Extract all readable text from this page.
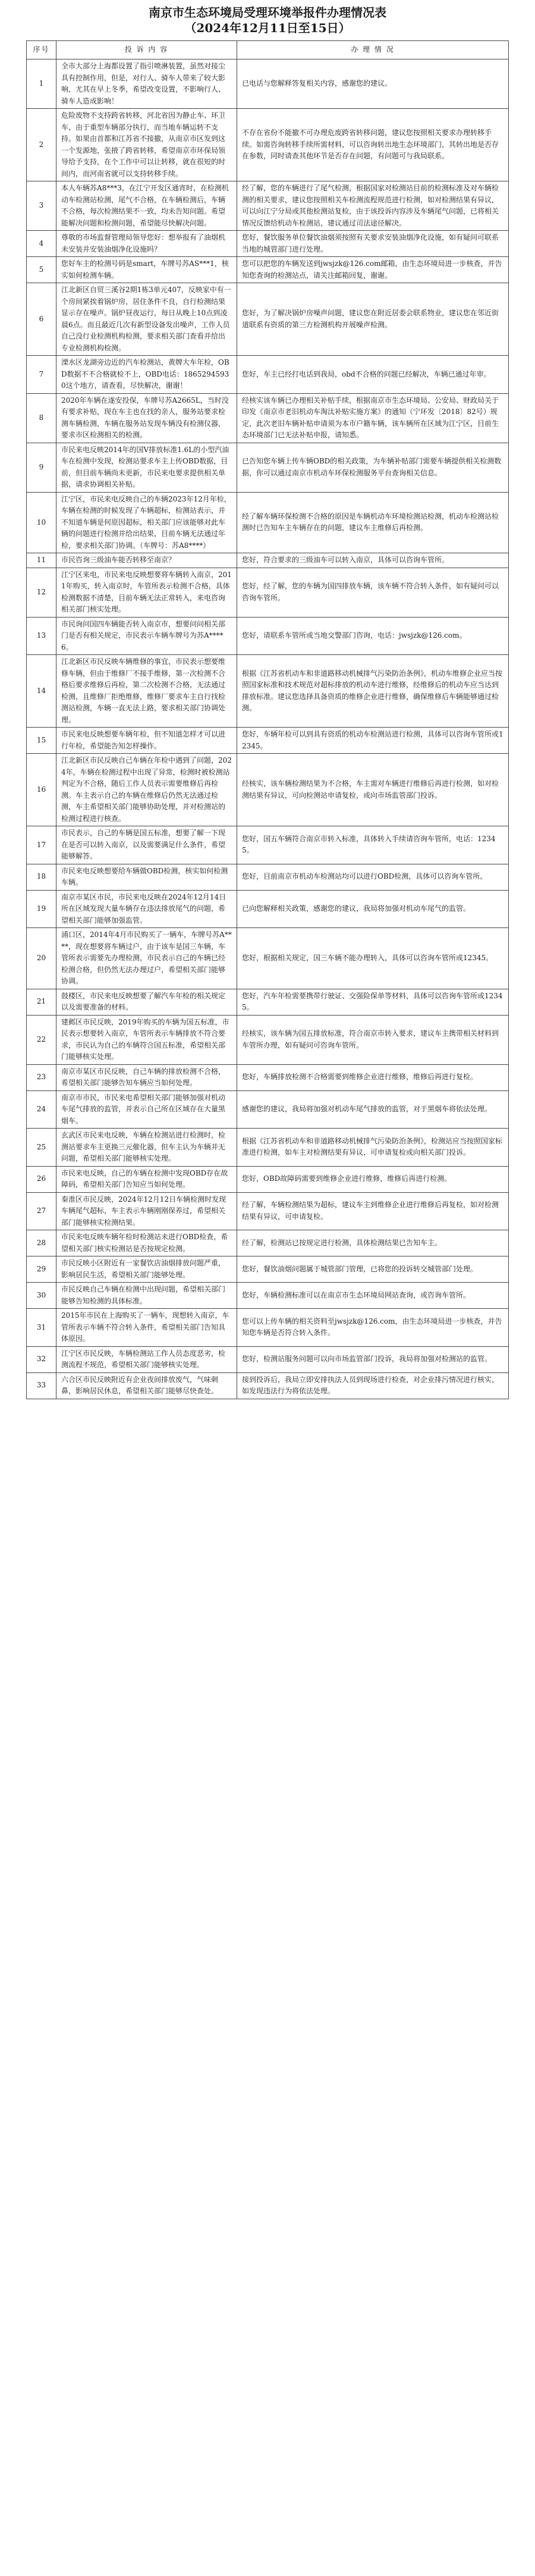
南京市生态环境局受理环境举报件办理情况表
（2024年12月11日至15日）
序号	投 诉 内 容	办 理 情 况
1	全市大部分上海都设置了指引喷淋装置，虽然对接尘具有控制作用，但是，对行人、骑车人带来了较大影响，尤其在早上冬季，希望改变设置，不影响行人、骑车人造成影响！	已电话与您解释答复相关内容，感谢您的建议。
2	危险废物不支持跨省转移，河北省因为静止车、环卫车，由于重型车辆部分执行，而当地车辆运转不支持。如果由首都和江苏省不接撤，从南京市区发到这一个发源地，张掖了跨省转移，希望南京市环保局领导给予支持，在个工作中可以让转移，就在很短的时间内，而河南省就可以支持转移手续。	不存在省份不能撤不可办理危废跨省转移问题，建议您按照相关要求办理转移手续。如需咨询转移手续所需材料，可以咨询转出地生态环境部门，其转出地是否存在参数，同时请查其他环节是否存在问题，有问题可与我局联系。
3	本人车辆苏A8***3，在江宁开发区通宵时，在检测机动车检测站检测，尾气不合格，在车辆检测后，车辆不合格，每次检测结果不一致，均未告知问题。希望能解决问题和检测问题，希望能尽快解决问题。	经了解，您的车辆进行了尾气检测，根据国家对检测站目前的检测标准及对车辆检测的相关要求，建议您按照相关车检测流程规范进行检测，如对检测结果有异议，可以向江宁分局或其他检测站复检，由于该投诉内容涉及车辆尾气问题，已将相关情况反馈给机动车检测站，建议通过司法途径解决。
4	尊敬的市场监督管理局领导您好：想举报有了油烟机未安装并安装油烟净化设施吗？	您好，餐饮服务单位餐饮油烟须按照有关要求安装油烟净化设施，如有疑问可联系当地的城管部门进行处理。
5	您好车主的检测号码是smart，车牌号苏AS***1，核实如何检测车辆。	您可以把您的车辆发送到jwsjzk@126.com邮箱，由生态环境局进一步核查，并告知您查询的检测站点，请关注邮箱回复，谢谢。
6	江北新区自贸三溪谷2期1栋3单元407，反映家中有一个房间紧挨着锅炉房，居住条件不良，自行检测结果显示存在噪声。锅炉昼夜运行，每日从晚上10点到凌晨6点。而且最近几次有新型设备发出噪声，工作人员自己没行业检测机构检测，要求相关部门查看并给出专业检测机构检测。	您好，为了解决锅炉房噪声问题，建议您在附近居委会联系物业，建议您在邻近街道联系有资质的第三方检测机构开展噪声检测。
7	溧水区龙湖旁边近的汽车检测站，黄牌大车年检，OBD数据不不合格就检不上，OBD电话：18652945930这个地方，请查看，尽快解决，谢谢！	您好，车主已经打电话到我局，obd不合格的问题已经解决，车辆已通过年审。
8	2020年车辆在遂安投保，车牌号苏A2665L，当时没有要求补贴，现在车主也在找的亲人，服务站要求检测车辆检测，车辆在服务站发现车辆没有检测仪器，要求市区检测相关的检测。	经核实该车辆已办理相关补贴手续，根据南京市生态环境局、公安局、财政局关于印发《南京市老旧机动车淘汰补贴实施方案》的通知（宁环发〔2018〕82号）规定，此次老旧车辆补贴申请须为本市户籍车辆，该车辆所在区域为江宁区，目前生态环境部门已无法补贴申报，请知悉。
9	市民来电反映2014年的国V排放标准1.6L的小型汽油车在检测中发现，检测站要求车主上传OBD数据，目前，但目前车辆尚未更新，市民来电要求提供相关单据，请求协调相关补贴。	已告知您车辆上传车辆OBD的相关政策，为车辆补贴部门需要车辆提供相关检测数据，你可以通过南京市机动车环保检测服务平台查询相关信息。
10	江宁区，市民来电反映自己的车辆2023年12月年检，车辆在检测的时候发现了车辆超标，检测站表示，并不知道车辆是何原因超标，相关部门应该能够对此车辆的问题进行检测并给出结果，目前车辆无法通过年检，要求相关部门协调。（车牌号：苏A8****）	经了解车辆环保检测不合格的原因是车辆机动车环境检测站检测，机动车检测站检测时已告知车主车辆存在的问题，建议车主维修后再检测。
11	市民咨询三级油车能否转移至南京？	您好，符合要求的三级油车可以转入南京，具体可以咨询车管所。
12	江宁区来电，市民来电反映想要将车辆转入南京，2011年购买，转入南京时，车管所表示检测不合格，具体检测数据不清楚，目前车辆无法正常转入，来电咨询相关部门核实处理。	您好，经了解，您的车辆为国四排放车辆，该车辆不符合转入条件，如有疑问可以咨询车管所。
13	市民询问国四车辆能否转入南京市，想要问问相关部门是否有相关规定，市民表示车辆车牌号为苏A****6。	您好，请联系车管所或当地交警部门咨询，电话：jwsjzk@126.com。
14	江北新区市民反映车辆维修的事宜，市民表示想要维修车辆，但由于维修厂不接手维修，第一次检测不合格后要求维修后再检，第二次检测不合格，无法通过检测，且维修厂拒绝维修，维修厂要求车主自行找检测站检测，车辆一直无法上路，要求相关部门协调处理。	根据《江苏省机动车和非道路移动机械排气污染防治条例》，机动车维修企业应当按照国家标准和技术规范对超标排放的机动车进行维修，经维修后的机动车应当达到排放标准。建议您选择具备资质的维修企业进行维修，确保维修后车辆能够通过检测。
15	市民来电反映想要车辆年检，但不知道怎样才可以进行年检，希望能告知怎样操作。	您好，车辆年检可以到具有资质的机动车检测站进行检测，具体可以咨询车管所或12345。
16	江北新区市民反映自己车辆在年检中遇到了问题，2024年，车辆在检测过程中出现了异常，检测时被检测站判定为不合格，随后工作人员表示需要维修后再检测。车主表示自己的车辆在维修后仍然无法通过检测，车主希望相关部门能够协助处理，并对检测站的检测过程进行核查。	经核实，该车辆检测结果为不合格，车主需对车辆进行维修后再进行检测，如对检测结果有异议，可向检测站申请复检，或向市场监管部门投诉。
17	市民表示，自己的车辆是国五标准，想要了解一下现在是否可以转入南京，以及需要满足什么条件，希望能够解答。	您好，国五车辆符合南京市转入标准，具体转入手续请咨询车管所，电话：12345。
18	市民来电反映想要给车辆做OBD检测，核实如何检测车辆。	您好，目前南京市机动车检测站均可以进行OBD检测，具体可以咨询车管所。
19	南京市某区市民，市民来电反映在2024年12月14日所在区域发现大量车辆存在违法排放尾气的问题，希望相关部门能够加强监管。	已向您解释相关政策，感谢您的建议，我局将加强对机动车尾气的监管。
20	浦口区，2014年4月市民购买了一辆车，车牌号苏A****，现在想要将车辆过户，由于该车是国三车辆，车管所表示需要先办理检测，市民表示自己的车辆已经检测合格，但仍然无法办理过户，希望相关部门能够协调。	您好，根据相关规定，国三车辆不能办理转入，具体可以咨询车管所或12345。
21	鼓楼区，市民来电反映想要了解汽车年检的相关规定以及需要准备的材料。	您好，汽车年检需要携带行驶证、交强险保单等材料，具体可以咨询车管所或12345。
22	建邺区市民反映，2019年购买的车辆为国五标准，市民表示想要转入南京，车管所表示车辆排放不符合要求，市民认为自己的车辆符合国五标准，希望相关部门能够核实处理。	经核实，该车辆为国五排放标准，符合南京市转入要求，建议车主携带相关材料到车管所办理，如有疑问可咨询车管所。
23	南京市某区市民反映，自己车辆的排放检测不合格，希望相关部门能够告知车辆应当如何处理。	您好，车辆排放检测不合格需要到维修企业进行维修，维修后再进行复检。
24	南京市市民，市民来电希望相关部门能够加强对机动车尾气排放的监管，并表示自己所在区域存在大量黑烟车。	感谢您的建议，我局将加强对机动车尾气排放的监管，对于黑烟车将依法处理。
25	玄武区市民来电反映，车辆在检测站进行检测时，检测站要求车主更换三元催化器，但车主认为车辆并无问题，希望相关部门能够核实处理。	根据《江苏省机动车和非道路移动机械排气污染防治条例》，检测站应当按照国家标准进行检测，如车主对检测结果有异议，可申请复检或向相关部门投诉。
26	市民来电反映，自己的车辆在检测中发现OBD存在故障码，希望相关部门告知应当如何处理。	您好，OBD故障码需要到维修企业进行维修，维修后再进行检测。
27	秦淮区市民反映，2024年12月12日车辆检测时发现车辆尾气超标，车主表示车辆刚刚保养过，希望相关部门能够核实检测结果。	经了解，车辆检测结果为超标，建议车主到维修企业进行维修后再复检，如对检测结果有异议，可申请复检。
28	市民来电反映车辆年检时检测站未进行OBD检查，希望相关部门核实检测站是否按规定检测。	经了解，检测站已按规定进行检测，具体检测结果已告知车主。
29	市民反映小区附近有一家餐饮店油烟排放问题严重，影响居民生活，希望相关部门能够处理。	您好，餐饮油烟问题属于城管部门管理，已将您的投诉转交城管部门处理。
30	市民反映自己车辆在检测中出现问题，希望相关部门能够告知检测的具体标准。	您好，车辆检测标准可以在南京市生态环境局网站查询，或咨询车管所。
31	2015年市民在上海购买了一辆车，现想转入南京，车管所表示车辆不符合转入条件，希望相关部门告知具体原因。	您可以上传车辆的相关资料至jwsjzk@126.com，由生态环境局进一步核查，并告知您车辆是否符合转入条件。
32	江宁区市民反映，车辆检测站工作人员态度恶劣，检测流程不规范，希望相关部门能够核实处理。	您好，检测站服务问题可以向市场监管部门投诉，我局将加强对检测站的监管。
33	六合区市民反映附近有企业夜间排放废气，气味刺鼻，影响居民休息，希望相关部门能够尽快查处。	接到投诉后，我局立即安排执法人员到现场进行检查，对企业排污情况进行核实，如发现违法行为将依法处理。
